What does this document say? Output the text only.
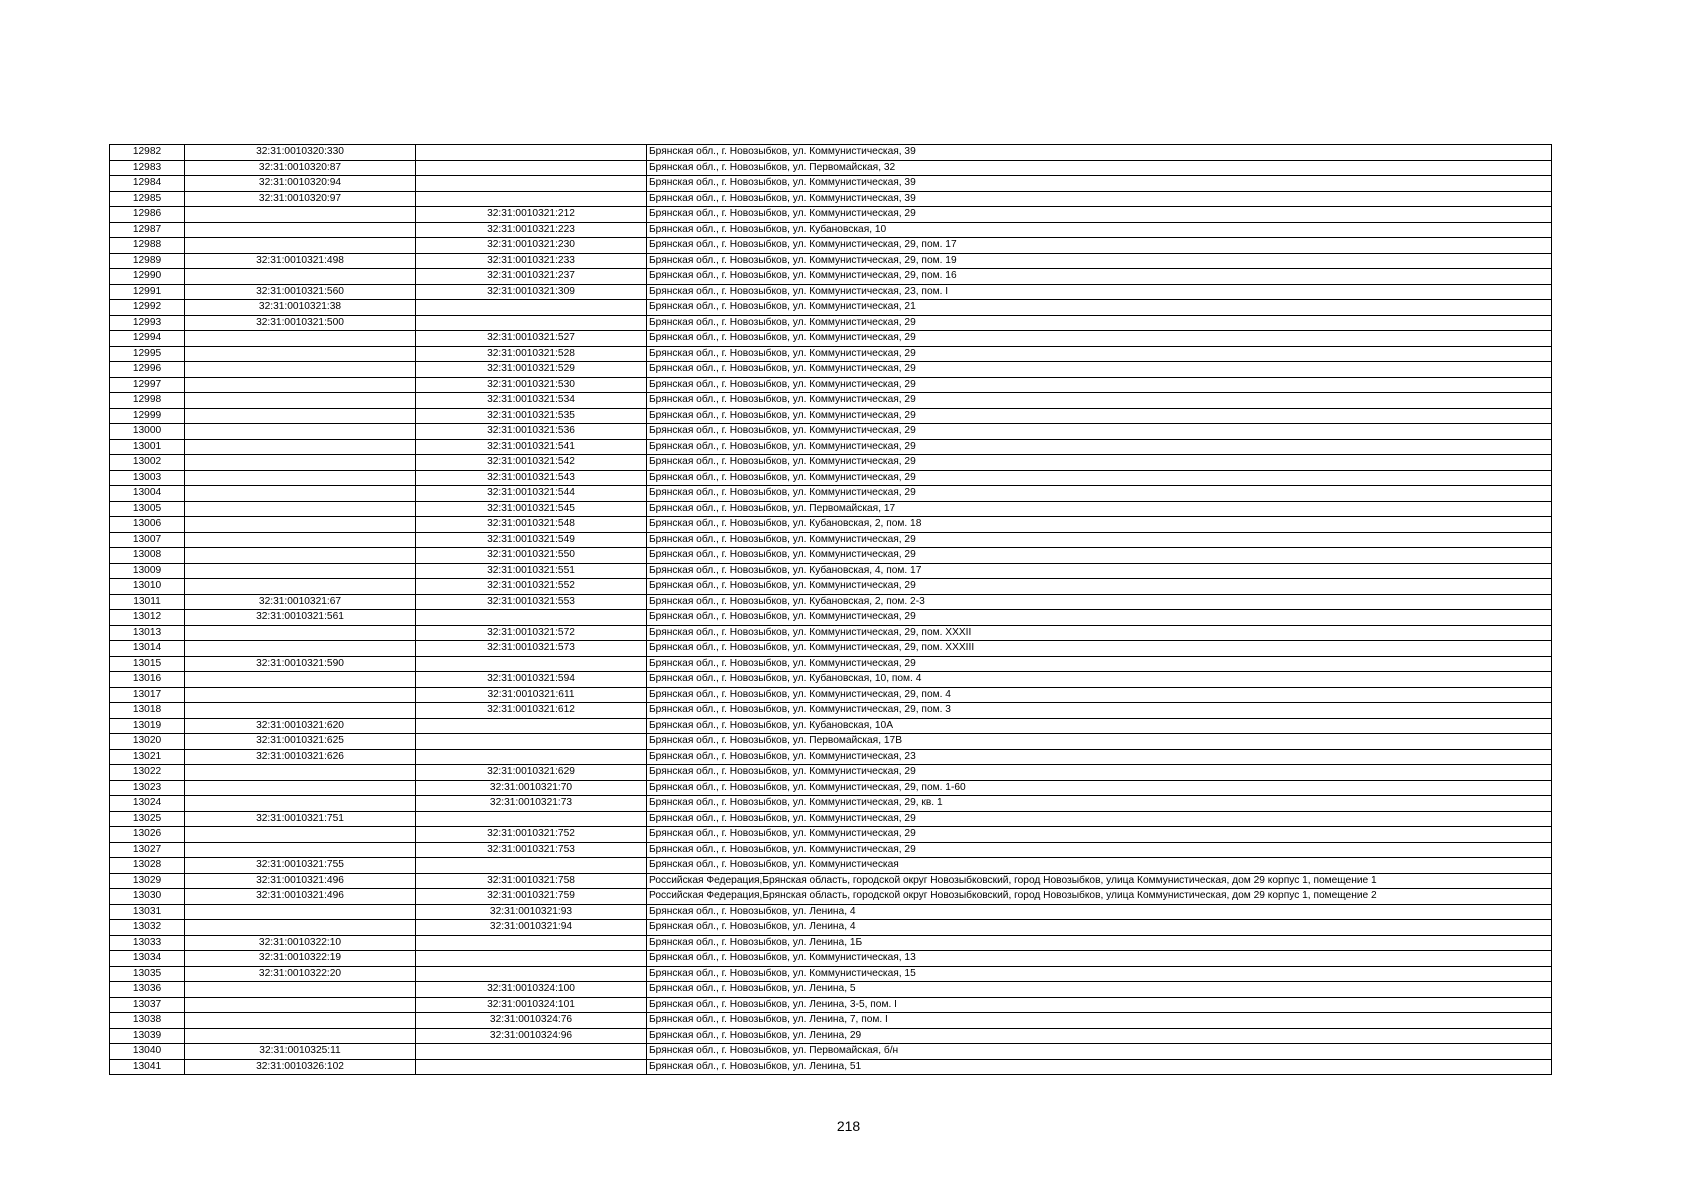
12982	32:31:0010320:330		Брянская обл., г. Новозыбков, ул. Коммунистическая, 39
12983	32:31:0010320:87		Брянская обл., г. Новозыбков, ул. Первомайская, 32
12984	32:31:0010320:94		Брянская обл., г. Новозыбков, ул. Коммунистическая, 39
12985	32:31:0010320:97		Брянская обл., г. Новозыбков, ул. Коммунистическая, 39
12986		32:31:0010321:212	Брянская обл., г. Новозыбков, ул. Коммунистическая, 29
12987		32:31:0010321:223	Брянская обл., г. Новозыбков, ул. Кубановская, 10
12988		32:31:0010321:230	Брянская обл., г. Новозыбков, ул. Коммунистическая, 29, пом. 17
12989	32:31:0010321:498	32:31:0010321:233	Брянская обл., г. Новозыбков, ул. Коммунистическая, 29, пом. 19
12990		32:31:0010321:237	Брянская обл., г. Новозыбков, ул. Коммунистическая, 29, пом. 16
12991	32:31:0010321:560	32:31:0010321:309	Брянская обл., г. Новозыбков, ул. Коммунистическая, 23, пом. I
12992	32:31:0010321:38		Брянская обл., г. Новозыбков, ул. Коммунистическая, 21
12993	32:31:0010321:500		Брянская обл., г. Новозыбков, ул. Коммунистическая, 29
12994		32:31:0010321:527	Брянская обл., г. Новозыбков, ул. Коммунистическая, 29
12995		32:31:0010321:528	Брянская обл., г. Новозыбков, ул. Коммунистическая, 29
12996		32:31:0010321:529	Брянская обл., г. Новозыбков, ул. Коммунистическая, 29
12997		32:31:0010321:530	Брянская обл., г. Новозыбков, ул. Коммунистическая, 29
12998		32:31:0010321:534	Брянская обл., г. Новозыбков, ул. Коммунистическая, 29
12999		32:31:0010321:535	Брянская обл., г. Новозыбков, ул. Коммунистическая, 29
13000		32:31:0010321:536	Брянская обл., г. Новозыбков, ул. Коммунистическая, 29
13001		32:31:0010321:541	Брянская обл., г. Новозыбков, ул. Коммунистическая, 29
13002		32:31:0010321:542	Брянская обл., г. Новозыбков, ул. Коммунистическая, 29
13003		32:31:0010321:543	Брянская обл., г. Новозыбков, ул. Коммунистическая, 29
13004		32:31:0010321:544	Брянская обл., г. Новозыбков, ул. Коммунистическая, 29
13005		32:31:0010321:545	Брянская обл., г. Новозыбков, ул. Первомайская, 17
13006		32:31:0010321:548	Брянская обл., г. Новозыбков, ул. Кубановская, 2, пом. 18
13007		32:31:0010321:549	Брянская обл., г. Новозыбков, ул. Коммунистическая, 29
13008		32:31:0010321:550	Брянская обл., г. Новозыбков, ул. Коммунистическая, 29
13009		32:31:0010321:551	Брянская обл., г. Новозыбков, ул. Кубановская, 4, пом. 17
13010		32:31:0010321:552	Брянская обл., г. Новозыбков, ул. Коммунистическая, 29
13011	32:31:0010321:67	32:31:0010321:553	Брянская обл., г. Новозыбков, ул. Кубановская, 2, пом. 2-3
13012	32:31:0010321:561		Брянская обл., г. Новозыбков, ул. Коммунистическая, 29
13013		32:31:0010321:572	Брянская обл., г. Новозыбков, ул. Коммунистическая, 29, пом. XXXII
13014		32:31:0010321:573	Брянская обл., г. Новозыбков, ул. Коммунистическая, 29, пом. XXXIII
13015	32:31:0010321:590		Брянская обл., г. Новозыбков, ул. Коммунистическая, 29
13016		32:31:0010321:594	Брянская обл., г. Новозыбков, ул. Кубановская, 10, пом. 4
13017		32:31:0010321:611	Брянская обл., г. Новозыбков, ул. Коммунистическая, 29, пом. 4
13018		32:31:0010321:612	Брянская обл., г. Новозыбков, ул. Коммунистическая, 29, пом. 3
13019	32:31:0010321:620		Брянская обл., г. Новозыбков, ул. Кубановская, 10А
13020	32:31:0010321:625		Брянская обл., г. Новозыбков, ул. Первомайская, 17В
13021	32:31:0010321:626		Брянская обл., г. Новозыбков, ул. Коммунистическая, 23
13022		32:31:0010321:629	Брянская обл., г. Новозыбков, ул. Коммунистическая, 29
13023		32:31:0010321:70	Брянская обл., г. Новозыбков, ул. Коммунистическая, 29, пом. 1-60
13024		32:31:0010321:73	Брянская обл., г. Новозыбков, ул. Коммунистическая, 29, кв. 1
13025	32:31:0010321:751		Брянская обл., г. Новозыбков, ул. Коммунистическая, 29
13026		32:31:0010321:752	Брянская обл., г. Новозыбков, ул. Коммунистическая, 29
13027		32:31:0010321:753	Брянская обл., г. Новозыбков, ул. Коммунистическая, 29
13028	32:31:0010321:755		Брянская обл., г. Новозыбков, ул. Коммунистическая
13029	32:31:0010321:496	32:31:0010321:758	Российская Федерация,Брянская область, городской округ Новозыбковский, город Новозыбков, улица Коммунистическая, дом 29 корпус 1, помещение 1
13030	32:31:0010321:496	32:31:0010321:759	Российская Федерация,Брянская область, городской округ Новозыбковский, город Новозыбков, улица Коммунистическая, дом 29 корпус 1, помещение 2
13031		32:31:0010321:93	Брянская обл., г. Новозыбков, ул. Ленина, 4
13032		32:31:0010321:94	Брянская обл., г. Новозыбков, ул. Ленина, 4
13033	32:31:0010322:10		Брянская обл., г. Новозыбков, ул. Ленина, 1Б
13034	32:31:0010322:19		Брянская обл., г. Новозыбков, ул. Коммунистическая, 13
13035	32:31:0010322:20		Брянская обл., г. Новозыбков, ул. Коммунистическая, 15
13036		32:31:0010324:100	Брянская обл., г. Новозыбков, ул. Ленина, 5
13037		32:31:0010324:101	Брянская обл., г. Новозыбков, ул. Ленина, 3-5, пом. I
13038		32:31:0010324:76	Брянская обл., г. Новозыбков, ул. Ленина, 7, пом. I
13039		32:31:0010324:96	Брянская обл., г. Новозыбков, ул. Ленина, 29
13040	32:31:0010325:11		Брянская обл., г. Новозыбков, ул. Первомайская, б/н
13041	32:31:0010326:102		Брянская обл., г. Новозыбков, ул. Ленина, 51
218
